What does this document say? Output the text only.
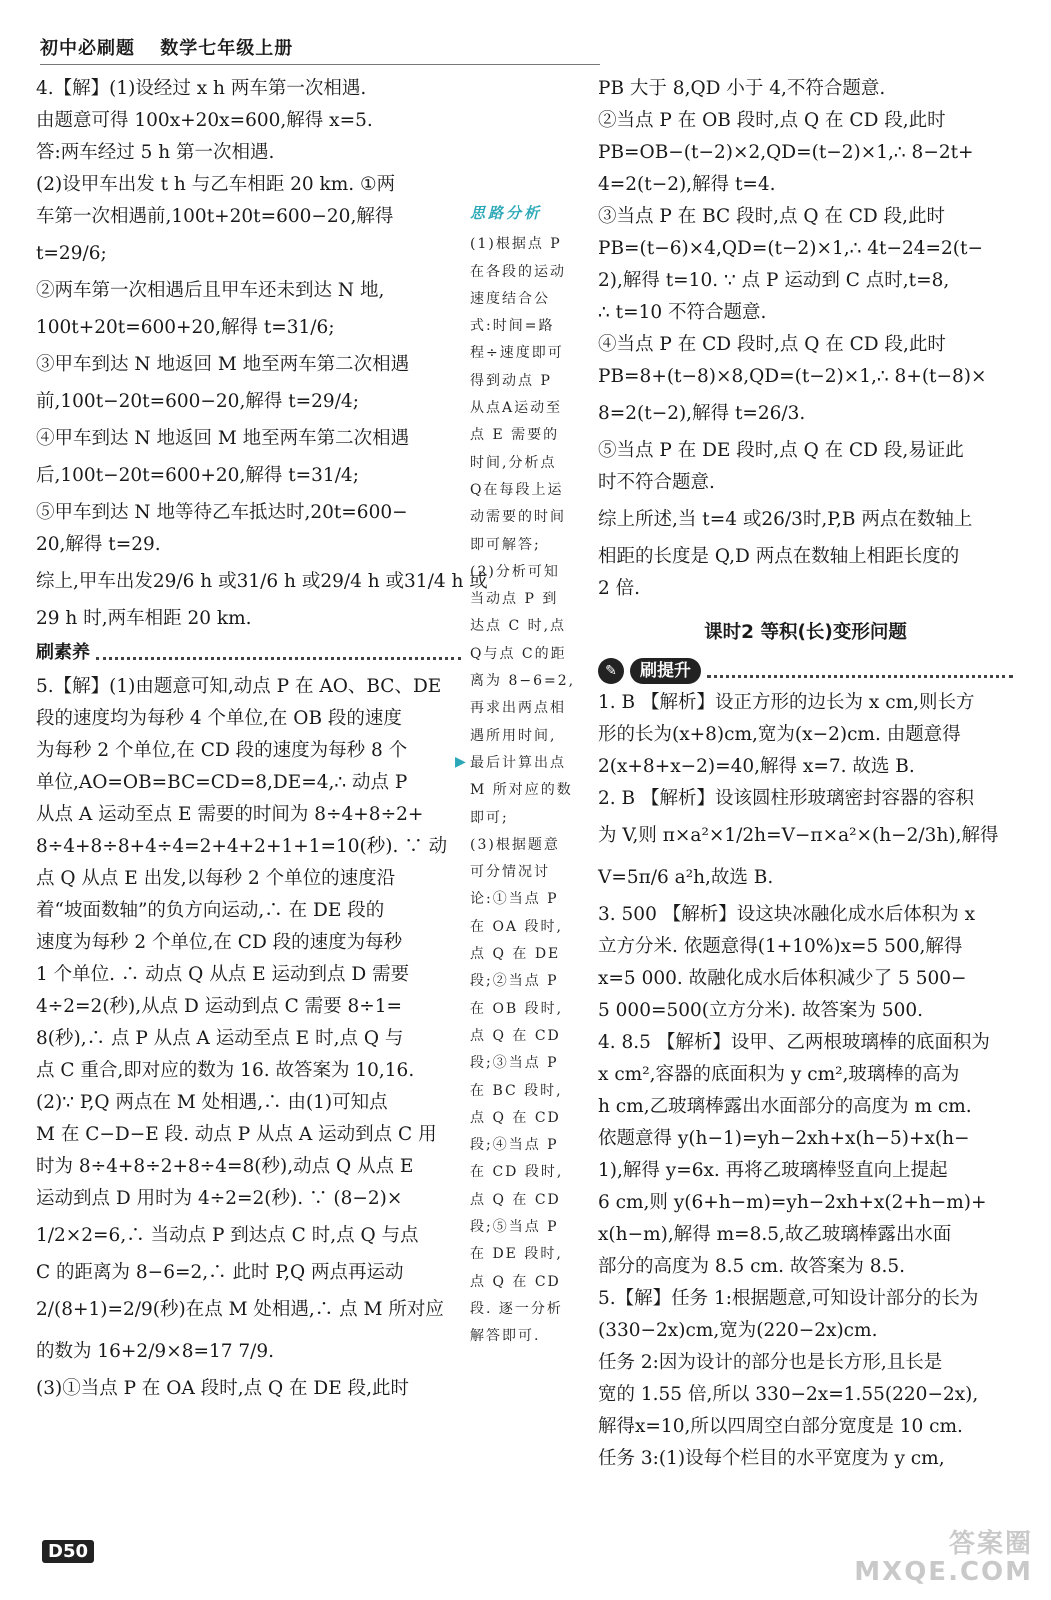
初中必刷题 数学七年级上册

4.【解】(1)设经过 x h 两车第一次相遇.

由题意可得 100x+20x=600,解得 x=5.

答:两车经过 5 h 第一次相遇.

(2)设甲车出发 t h 与乙车相距 20 km. ①两

车第一次相遇前,100t+20t=600−20,解得

t=29/6;

②两车第一次相遇后且甲车还未到达 N 地,

100t+20t=600+20,解得 t=31/6;

③甲车到达 N 地返回 M 地至两车第二次相遇

前,100t−20t=600−20,解得 t=29/4;

④甲车到达 N 地返回 M 地至两车第二次相遇

后,100t−20t=600+20,解得 t=31/4;

⑤甲车到达 N 地等待乙车抵达时,20t=600−

20,解得 t=29.

综上,甲车出发29/6 h 或31/6 h 或29/4 h 或31/4 h 或

29 h 时,两车相距 20 km.

刷素养

5.【解】(1)由题意可知,动点 P 在 AO、BC、DE

段的速度均为每秒 4 个单位,在 OB 段的速度

为每秒 2 个单位,在 CD 段的速度为每秒 8 个

单位,AO=OB=BC=CD=8,DE=4,∴ 动点 P

从点 A 运动至点 E 需要的时间为 8÷4+8÷2+

8÷4+8÷8+4÷4=2+4+2+1+1=10(秒). ∵ 动

点 Q 从点 E 出发,以每秒 2 个单位的速度沿

着“坡面数轴”的负方向运动,∴ 在 DE 段的

速度为每秒 2 个单位,在 CD 段的速度为每秒

1 个单位. ∴ 动点 Q 从点 E 运动到点 D 需要

4÷2=2(秒),从点 D 运动到点 C 需要 8÷1=

8(秒),∴ 点 P 从点 A 运动至点 E 时,点 Q 与

点 C 重合,即对应的数为 16. 故答案为 10,16.

(2)∵ P,Q 两点在 M 处相遇,∴ 由(1)可知点

M 在 C−D−E 段. 动点 P 从点 A 运动到点 C 用

时为 8÷4+8÷2+8÷4=8(秒),动点 Q 从点 E

运动到点 D 用时为 4÷2=2(秒). ∵ (8−2)×

1/2×2=6,∴ 当动点 P 到达点 C 时,点 Q 与点

C 的距离为 8−6=2,∴ 此时 P,Q 两点再运动

2/(8+1)=2/9(秒)在点 M 处相遇,∴ 点 M 所对应

的数为 16+2/9×8=17 7/9.

(3)①当点 P 在 OA 段时,点 Q 在 DE 段,此时

▶

思路分析

(1)根据点 P

在各段的运动

速度结合公

式:时间=路

程÷速度即可

得到动点 P

从点A运动至

点 E 需要的

时间,分析点

Q在每段上运

动需要的时间

即可解答;

(2)分析可知

当动点 P 到

达点 C 时,点

Q与点 C的距

离为 8−6=2,

再求出两点相

遇所用时间,

最后计算出点

M 所对应的数

即可;

(3)根据题意

可分情况讨

论:①当点 P

在 OA 段时,

点 Q 在 DE

段;②当点 P

在 OB 段时,

点 Q 在 CD

段;③当点 P

在 BC 段时,

点 Q 在 CD

段;④当点 P

在 CD 段时,

点 Q 在 CD

段;⑤当点 P

在 DE 段时,

点 Q 在 CD

段. 逐一分析

解答即可.

PB 大于 8,QD 小于 4,不符合题意.

②当点 P 在 OB 段时,点 Q 在 CD 段,此时

PB=OB−(t−2)×2,QD=(t−2)×1,∴ 8−2t+

4=2(t−2),解得 t=4.

③当点 P 在 BC 段时,点 Q 在 CD 段,此时

PB=(t−6)×4,QD=(t−2)×1,∴ 4t−24=2(t−

2),解得 t=10. ∵ 点 P 运动到 C 点时,t=8,

∴ t=10 不符合题意.

④当点 P 在 CD 段时,点 Q 在 CD 段,此时

PB=8+(t−8)×8,QD=(t−2)×1,∴ 8+(t−8)×

8=2(t−2),解得 t=26/3.

⑤当点 P 在 DE 段时,点 Q 在 CD 段,易证此

时不符合题意.

综上所述,当 t=4 或26/3时,P,B 两点在数轴上

相距的长度是 Q,D 两点在数轴上相距长度的

2 倍.

课时2 等积(长)变形问题

✎	刷提升

1. B 【解析】设正方形的边长为 x cm,则长方

形的长为(x+8)cm,宽为(x−2)cm. 由题意得

2(x+8+x−2)=40,解得 x=7. 故选 B.

2. B 【解析】设该圆柱形玻璃密封容器的容积

为 V,则 π×a²×1/2h=V−π×a²×(h−2/3h),解得

V=5π/6 a²h,故选 B.

3. 500 【解析】设这块冰融化成水后体积为 x

立方分米. 依题意得(1+10%)x=5 500,解得

x=5 000. 故融化成水后体积减少了 5 500−

5 000=500(立方分米). 故答案为 500.

4. 8.5 【解析】设甲、乙两根玻璃棒的底面积为

x cm²,容器的底面积为 y cm²,玻璃棒的高为

h cm,乙玻璃棒露出水面部分的高度为 m cm.

依题意得 y(h−1)=yh−2xh+x(h−5)+x(h−

1),解得 y=6x. 再将乙玻璃棒竖直向上提起

6 cm,则 y(6+h−m)=yh−2xh+x(2+h−m)+

x(h−m),解得 m=8.5,故乙玻璃棒露出水面

部分的高度为 8.5 cm. 故答案为 8.5.

5.【解】任务 1:根据题意,可知设计部分的长为

(330−2x)cm,宽为(220−2x)cm.

任务 2:因为设计的部分也是长方形,且长是

宽的 1.55 倍,所以 330−2x=1.55(220−2x),

解得x=10,所以四周空白部分宽度是 10 cm.

任务 3:(1)设每个栏目的水平宽度为 y cm,

D50	答案圈
MXQE.COM
